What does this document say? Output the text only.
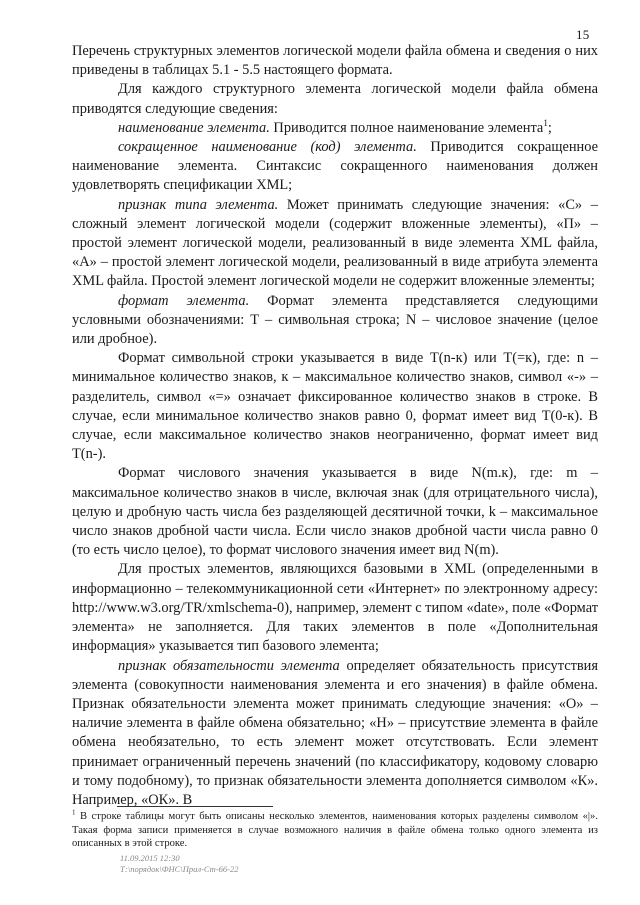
15

Перечень структурных элементов логической модели файла обмена и сведения о них приведены в таблицах 5.1 - 5.5 настоящего формата.

Для каждого структурного элемента логической модели файла обмена приводятся следующие сведения:

наименование элемента. Приводится полное наименование элемента$^1$;

сокращенное наименование (код) элемента. Приводится сокращенное наименование элемента. Синтаксис сокращенного наименования должен удовлетворять спецификации XML;

признак типа элемента. Может принимать следующие значения: «С» – сложный элемент логической модели (содержит вложенные элементы), «П» – простой элемент логической модели, реализованный в виде элемента XML файла, «А» – простой элемент логической модели, реализованный в виде атрибута элемента XML файла. Простой элемент логической модели не содержит вложенные элементы;

формат элемента. Формат элемента представляется следующими условными обозначениями: Т – символьная строка; N – числовое значение (целое или дробное).

Формат символьной строки указывается в виде Т(n-к) или Т(=к), где: n – минимальное количество знаков, к – максимальное количество знаков, символ «-» – разделитель, символ «=» означает фиксированное количество знаков в строке. В случае, если минимальное количество знаков равно 0, формат имеет вид Т(0-к). В случае, если максимальное количество знаков неограниченно, формат имеет вид Т(n-).

Формат числового значения указывается в виде N(m.к), где: m – максимальное количество знаков в числе, включая знак (для отрицательного числа), целую и дробную часть числа без разделяющей десятичной точки, k – максимальное число знаков дробной части числа. Если число знаков дробной части числа равно 0 (то есть число целое), то формат числового значения имеет вид N(m).

Для простых элементов, являющихся базовыми в XML (определенными в информационно – телекоммуникационной сети «Интернет» по электронному адресу: http://www.w3.org/TR/xmlschema-0), например, элемент с типом «date», поле «Формат элемента» не заполняется. Для таких элементов в поле «Дополнительная информация» указывается тип базового элемента;

признак обязательности элемента определяет обязательность присутствия элемента (совокупности наименования элемента и его значения) в файле обмена. Признак обязательности элемента может принимать следующие значения: «О» – наличие элемента в файле обмена обязательно; «Н» – присутствие элемента в файле обмена необязательно, то есть элемент может отсутствовать. Если элемент принимает ограниченный перечень значений (по классификатору, кодовому словарю и тому подобному), то признак обязательности элемента дополняется символом «К». Например, «ОК». В

$^1$ В строке таблицы могут быть описаны несколько элементов, наименования которых разделены символом «|». Такая форма записи применяется в случае возможного наличия в файле обмена только одного элемента из описанных в этой строке.
11.09.2015 12:30
Т:\порядок\ФНС\Прил-Ст-66-22
